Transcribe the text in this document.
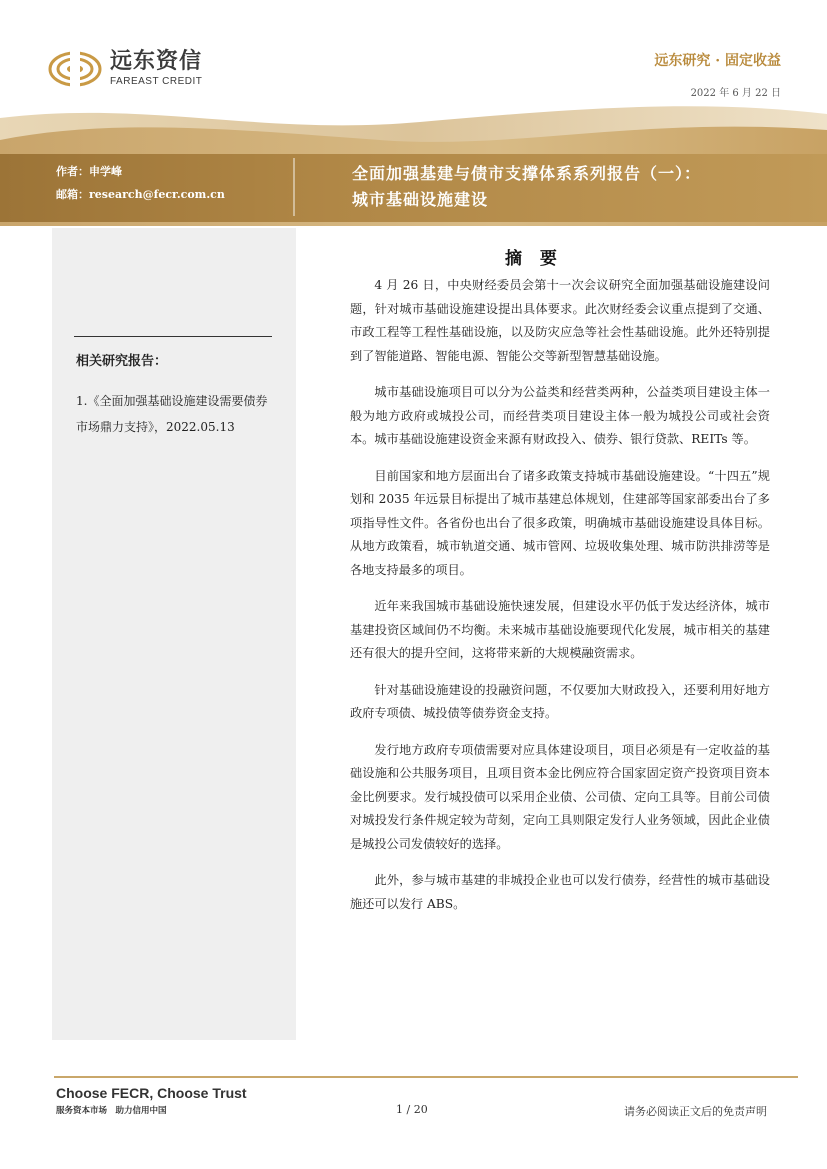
远东资信
FAREAST CREDIT
远东研究 · 固定收益
2022 年 6 月 22 日
作者：申学峰
邮箱：research@fecr.com.cn
全面加强基建与债市支撑体系系列报告（一）：
城市基础设施建设
相关研究报告：
1.《全面加强基础设施建设需要债券市场鼎力支持》，2022.05.13
摘 要

4 月 26 日，中央财经委员会第十一次会议研究全面加强基础设施建设问题，针对城市基础设施建设提出具体要求。此次财经委会议重点提到了交通、市政工程等工程性基础设施，以及防灾应急等社会性基础设施。此外还特别提到了智能道路、智能电源、智能公交等新型智慧基础设施。

城市基础设施项目可以分为公益类和经营类两种，公益类项目建设主体一般为地方政府或城投公司，而经营类项目建设主体一般为城投公司或社会资本。城市基础设施建设资金来源有财政投入、债券、银行贷款、REITs 等。

目前国家和地方层面出台了诸多政策支持城市基础设施建设。“十四五”规划和 2035 年远景目标提出了城市基建总体规划，住建部等国家部委出台了多项指导性文件。各省份也出台了很多政策，明确城市基础设施建设具体目标。从地方政策看，城市轨道交通、城市管网、垃圾收集处理、城市防洪排涝等是各地支持最多的项目。

近年来我国城市基础设施快速发展，但建设水平仍低于发达经济体，城市基建投资区域间仍不均衡。未来城市基础设施要现代化发展，城市相关的基建还有很大的提升空间，这将带来新的大规模融资需求。

针对基础设施建设的投融资问题，不仅要加大财政投入，还要利用好地方政府专项债、城投债等债券资金支持。

发行地方政府专项债需要对应具体建设项目，项目必须是有一定收益的基础设施和公共服务项目，且项目资本金比例应符合国家固定资产投资项目资本金比例要求。发行城投债可以采用企业债、公司债、定向工具等。目前公司债对城投发行条件规定较为苛刻，定向工具则限定发行人业务领域，因此企业债是城投公司发债较好的选择。

此外，参与城市基建的非城投企业也可以发行债券，经营性的城市基础设施还可以发行 ABS。

Choose FECR, Choose Trust
服务资本市场　助力信用中国	1 / 20	请务必阅读正文后的免责声明
